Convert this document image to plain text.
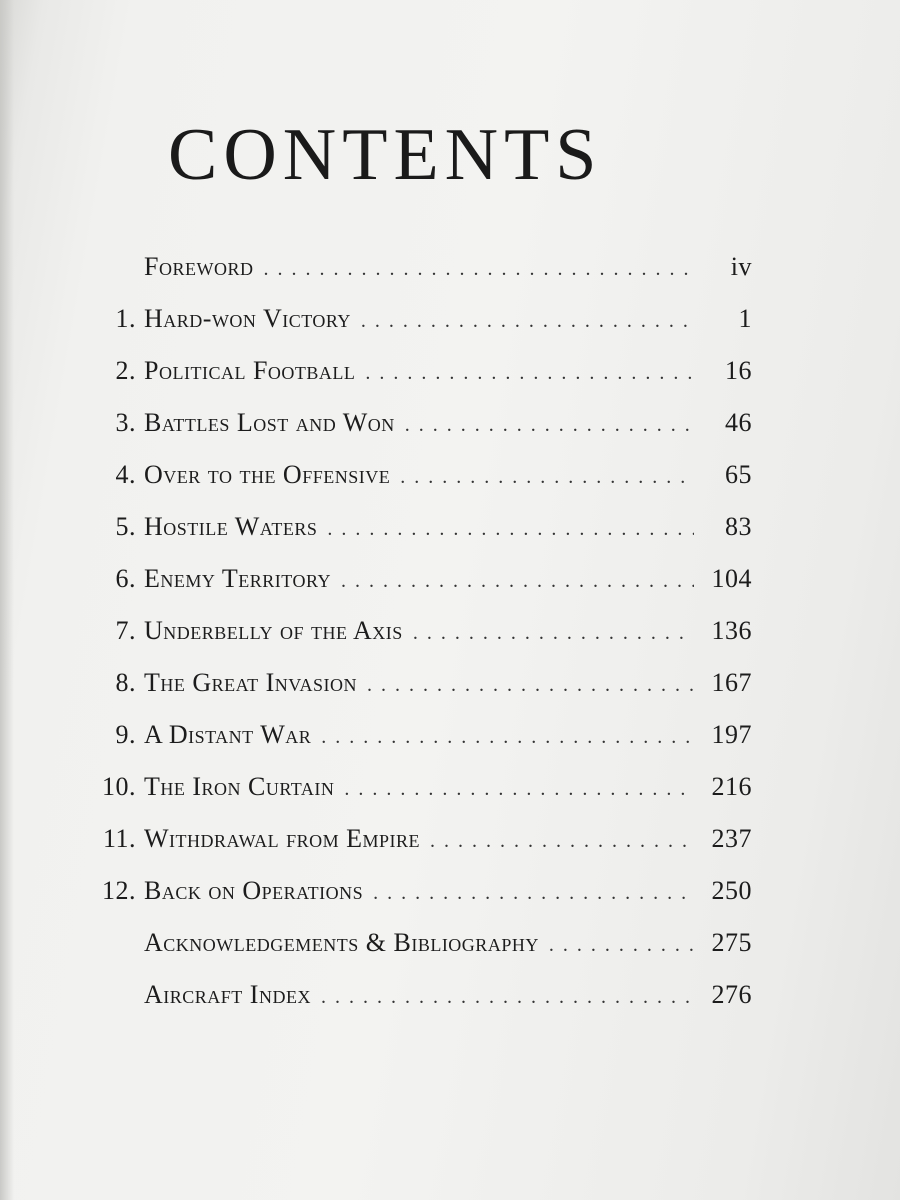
CONTENTS
Foreword . . .	iv
1. Hard-won Victory . . .	1
2. Political Football . . .	16
3. Battles Lost and Won . . .	46
4. Over to the Offensive . . .	65
5. Hostile Waters . . .	83
6. Enemy Territory . . .	104
7. Underbelly of the Axis . . .	136
8. The Great Invasion . . .	167
9. A Distant War . . .	197
10. The Iron Curtain . . .	216
11. Withdrawal from Empire . . .	237
12. Back on Operations . . .	250
Acknowledgements & Bibliography . . .	275
Aircraft Index . . .	276
